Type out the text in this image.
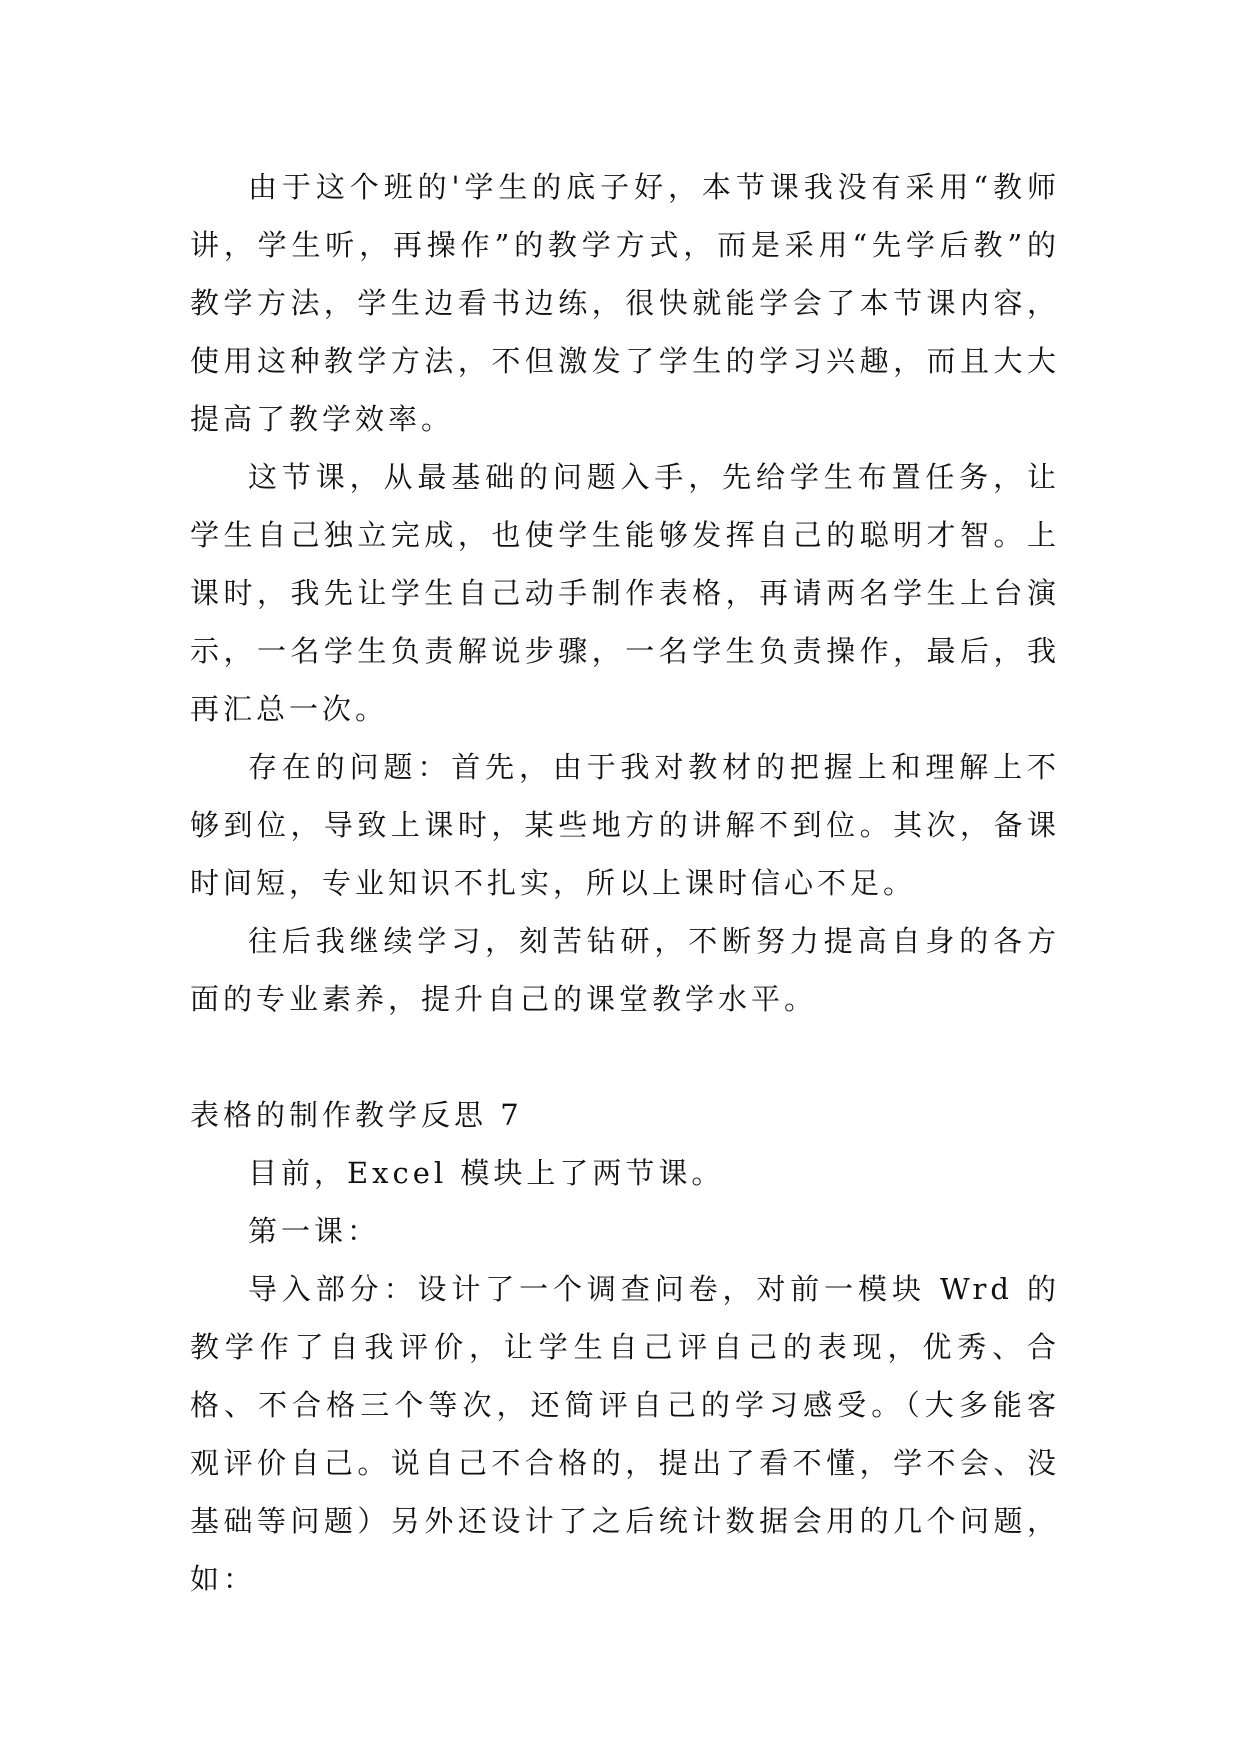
由于这个班的'学生的底子好，本节课我没有采用“教师讲，学生听，再操作”的教学方式，而是采用“先学后教”的教学方法，学生边看书边练，很快就能学会了本节课内容，使用这种教学方法，不但激发了学生的学习兴趣，而且大大提高了教学效率。

这节课，从最基础的问题入手，先给学生布置任务，让学生自己独立完成，也使学生能够发挥自己的聪明才智。上课时，我先让学生自己动手制作表格，再请两名学生上台演示，一名学生负责解说步骤，一名学生负责操作，最后，我再汇总一次。

存在的问题：首先，由于我对教材的把握上和理解上不够到位，导致上课时，某些地方的讲解不到位。其次，备课时间短，专业知识不扎实，所以上课时信心不足。

往后我继续学习，刻苦钻研，不断努力提高自身的各方面的专业素养，提升自己的课堂教学水平。

表格的制作教学反思 7

目前，Excel 模块上了两节课。

第一课：

导入部分：设计了一个调查问卷，对前一模块 Wrd 的教学作了自我评价，让学生自己评自己的表现，优秀、合格、不合格三个等次，还简评自己的学习感受。（大多能客观评价自己。说自己不合格的，提出了看不懂，学不会、没基础等问题）另外还设计了之后统计数据会用的几个问题，如：
